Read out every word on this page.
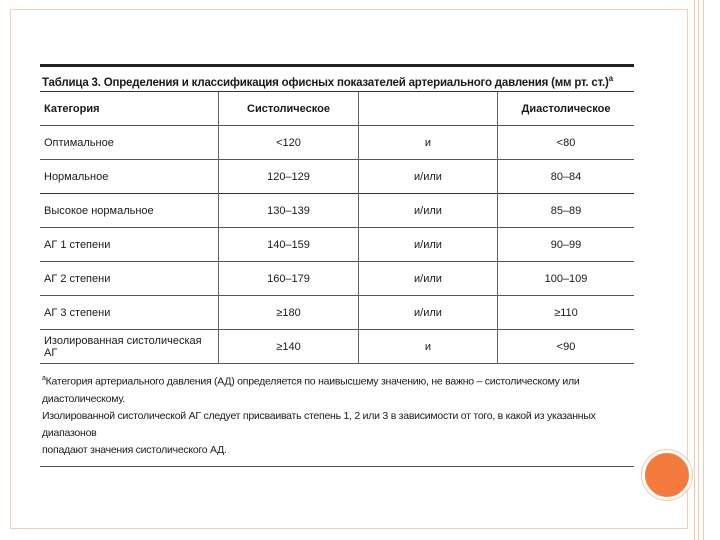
Таблица 3. Определения и классификация офисных показателей артериального давления (мм рт. ст.)$^а$
Категория	Систолическое		Диастолическое
Оптимальное	<120	и	<80
Нормальное	120–129	и/или	80–84
Высокое нормальное	130–139	и/или	85–89
АГ 1 степени	140–159	и/или	90–99
АГ 2 степени	160–179	и/или	100–109
АГ 3 степени	≥180	и/или	≥110
Изолированная систолическая АГ	≥140	и	<90
$^а$Категория артериального давления (АД) определяется по наивысшему значению, не важно – систолическому или диастолическому.
Изолированной систолической АГ следует присваивать степень 1, 2 или 3 в зависимости от того, в какой из указанных диапазонов
попадают значения систолического АД.
